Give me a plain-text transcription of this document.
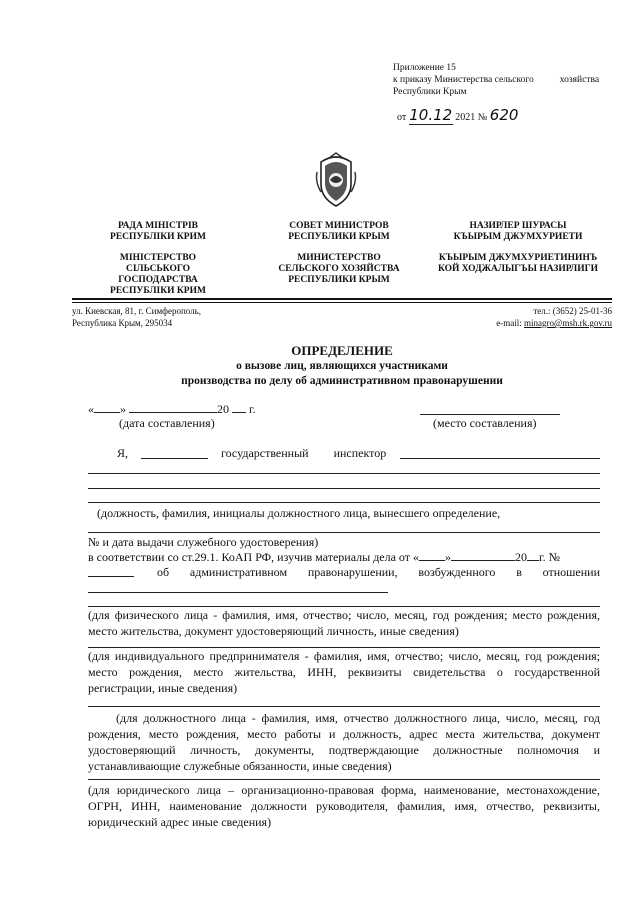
Приложение 15
к приказу Министерства сельского	хозяйства
Республики Крым
от 10.12 2021 № 620
РАДА МІНІСТРІВ
РЕСПУБЛІКИ КРИМ
МІНІСТЕРСТВО
СІЛЬСЬКОГО
ГОСПОДАРСТВА
РЕСПУБЛІКИ КРИМ
СОВЕТ МИНИСТРОВ
РЕСПУБЛИКИ КРЫМ
МИНИСТЕРСТВО
СЕЛЬСКОГО ХОЗЯЙСТВА
РЕСПУБЛИКИ КРЫМ
НАЗИРЛЕР ШУРАСЫ
КЪЫРЫМ ДЖУМХУРИЕТИ
КЪЫРЫМ ДЖУМХУРИЕТИНИНЪ
КОЙ ХОДЖАЛЫГЪЫ НАЗИРЛИГИ
ул. Киевская, 81, г. Симферополь,
Республика Крым, 295034
тел.: (3652) 25-01-36
e-mail: minagro@msh.rk.gov.ru
ОПРЕДЕЛЕНИЕ
о вызове лиц, являющихся участниками
производства по делу об административном правонарушении
« »	20 г.
(дата составления)	(место составления)
Я,	государственный инспектор
(должность, фамилия, инициалы должностного лица, вынесшего определение,
№ и дата выдачи служебного удостоверения)
в соответствии со ст.29.1. КоАП РФ, изучив материалы дела от « »	20 г. №
об административном правонарушении, возбужденного в отношении
(для физического лица - фамилия, имя, отчество; число, месяц, год рождения; место рождения, место жительства, документ удостоверяющий личность, иные сведения)
(для индивидуального предпринимателя - фамилия, имя, отчество; число, месяц, год рождения; место рождения, место жительства, ИНН, реквизиты свидетельства о государственной регистрации, иные сведения)
(для должностного лица - фамилия, имя, отчество должностного лица, число, месяц, год рождения, место рождения, место работы и должность, адрес места жительства, документ удостоверяющий личность, документы, подтверждающие должностные полномочия и устанавливающие служебные обязанности, иные сведения)
(для юридического лица – организационно-правовая форма, наименование, местонахождение, ОГРН, ИНН, наименование должности руководителя, фамилия, имя, отчество, реквизиты, юридический адрес иные сведения)
